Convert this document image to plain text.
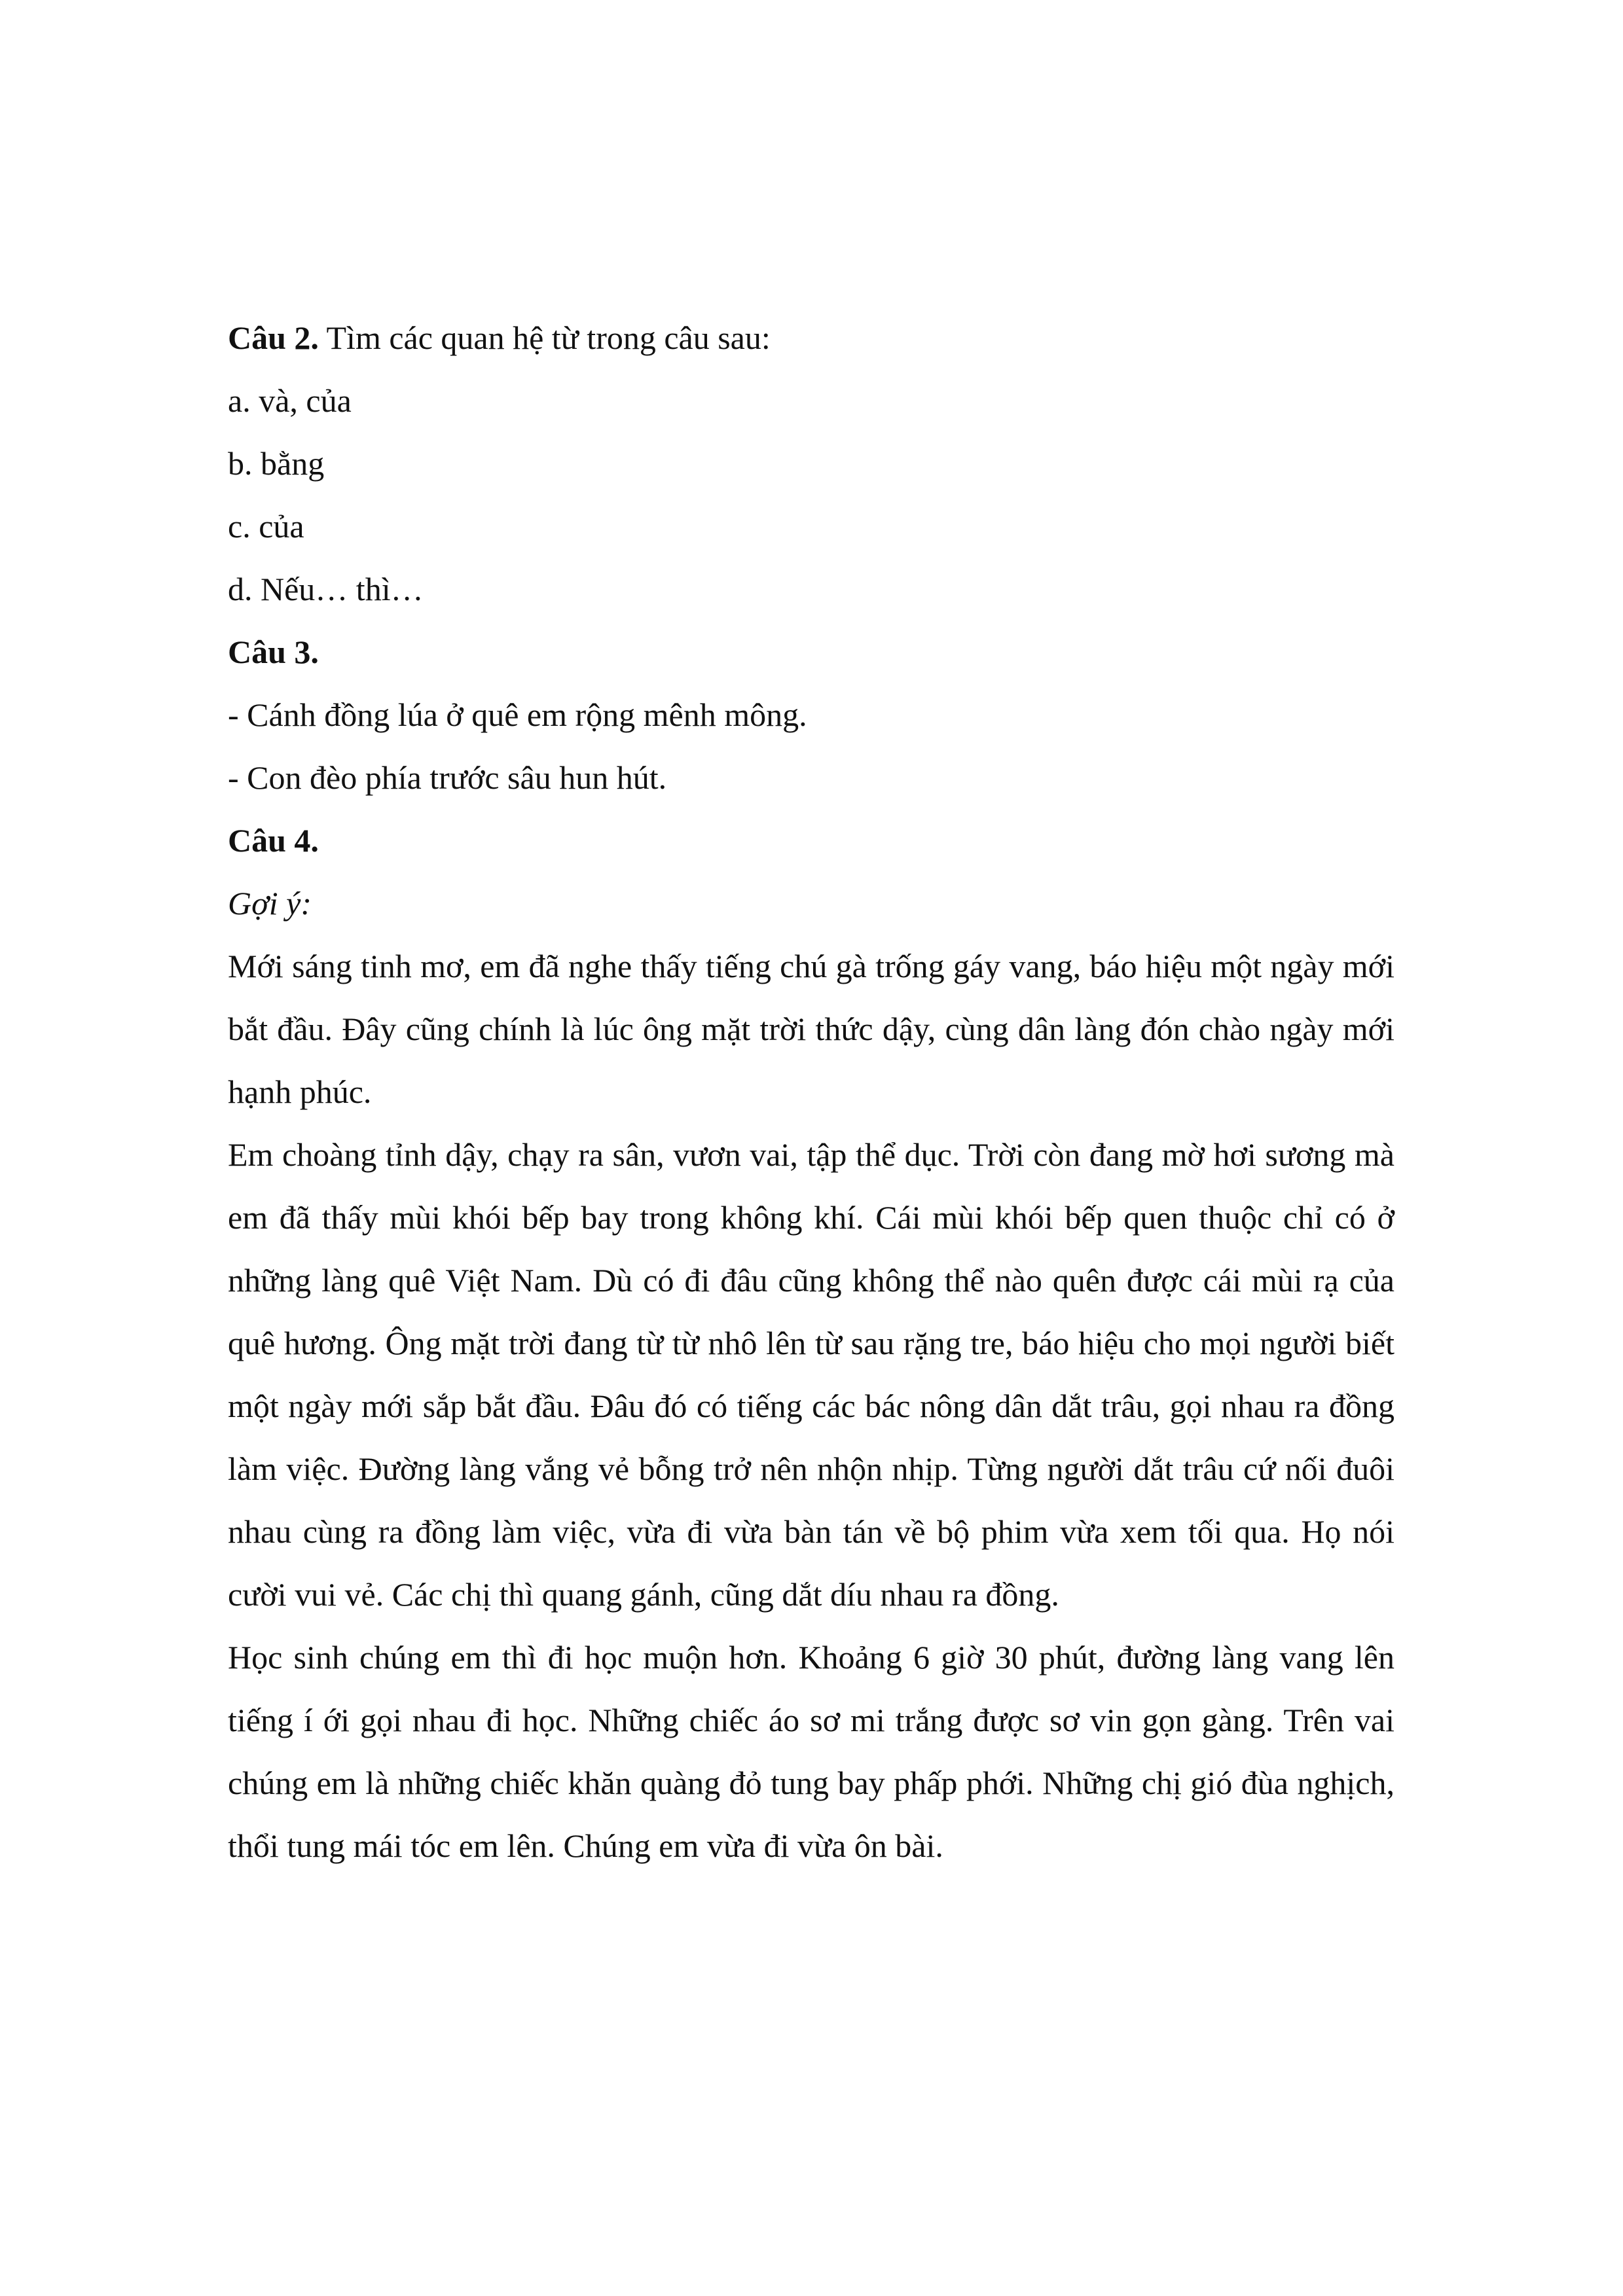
Câu 2. Tìm các quan hệ từ trong câu sau:

a. và, của

b. bằng

c. của

d. Nếu… thì…

Câu 3.

- Cánh đồng lúa ở quê em rộng mênh mông.

- Con đèo phía trước sâu hun hút.

Câu 4.

Gợi ý:

Mới sáng tinh mơ, em đã nghe thấy tiếng chú gà trống gáy vang, báo hiệu một ngày mới bắt đầu. Đây cũng chính là lúc ông mặt trời thức dậy, cùng dân làng đón chào ngày mới hạnh phúc.

Em choàng tỉnh dậy, chạy ra sân, vươn vai, tập thể dục. Trời còn đang mờ hơi sương mà em đã thấy mùi khói bếp bay trong không khí. Cái mùi khói bếp quen thuộc chỉ có ở những làng quê Việt Nam. Dù có đi đâu cũng không thể nào quên được cái mùi rạ của quê hương. Ông mặt trời đang từ từ nhô lên từ sau rặng tre, báo hiệu cho mọi người biết một ngày mới sắp bắt đầu. Đâu đó có tiếng các bác nông dân dắt trâu, gọi nhau ra đồng làm việc. Đường làng vắng vẻ bỗng trở nên nhộn nhịp. Từng người dắt trâu cứ nối đuôi nhau cùng ra đồng làm việc, vừa đi vừa bàn tán về bộ phim vừa xem tối qua. Họ nói cười vui vẻ. Các chị thì quang gánh, cũng dắt díu nhau ra đồng.

Học sinh chúng em thì đi học muộn hơn. Khoảng 6 giờ 30 phút, đường làng vang lên tiếng í ới gọi nhau đi học. Những chiếc áo sơ mi trắng được sơ vin gọn gàng. Trên vai chúng em là những chiếc khăn quàng đỏ tung bay phấp phới. Những chị gió đùa nghịch, thổi tung mái tóc em lên. Chúng em vừa đi vừa ôn bài.
